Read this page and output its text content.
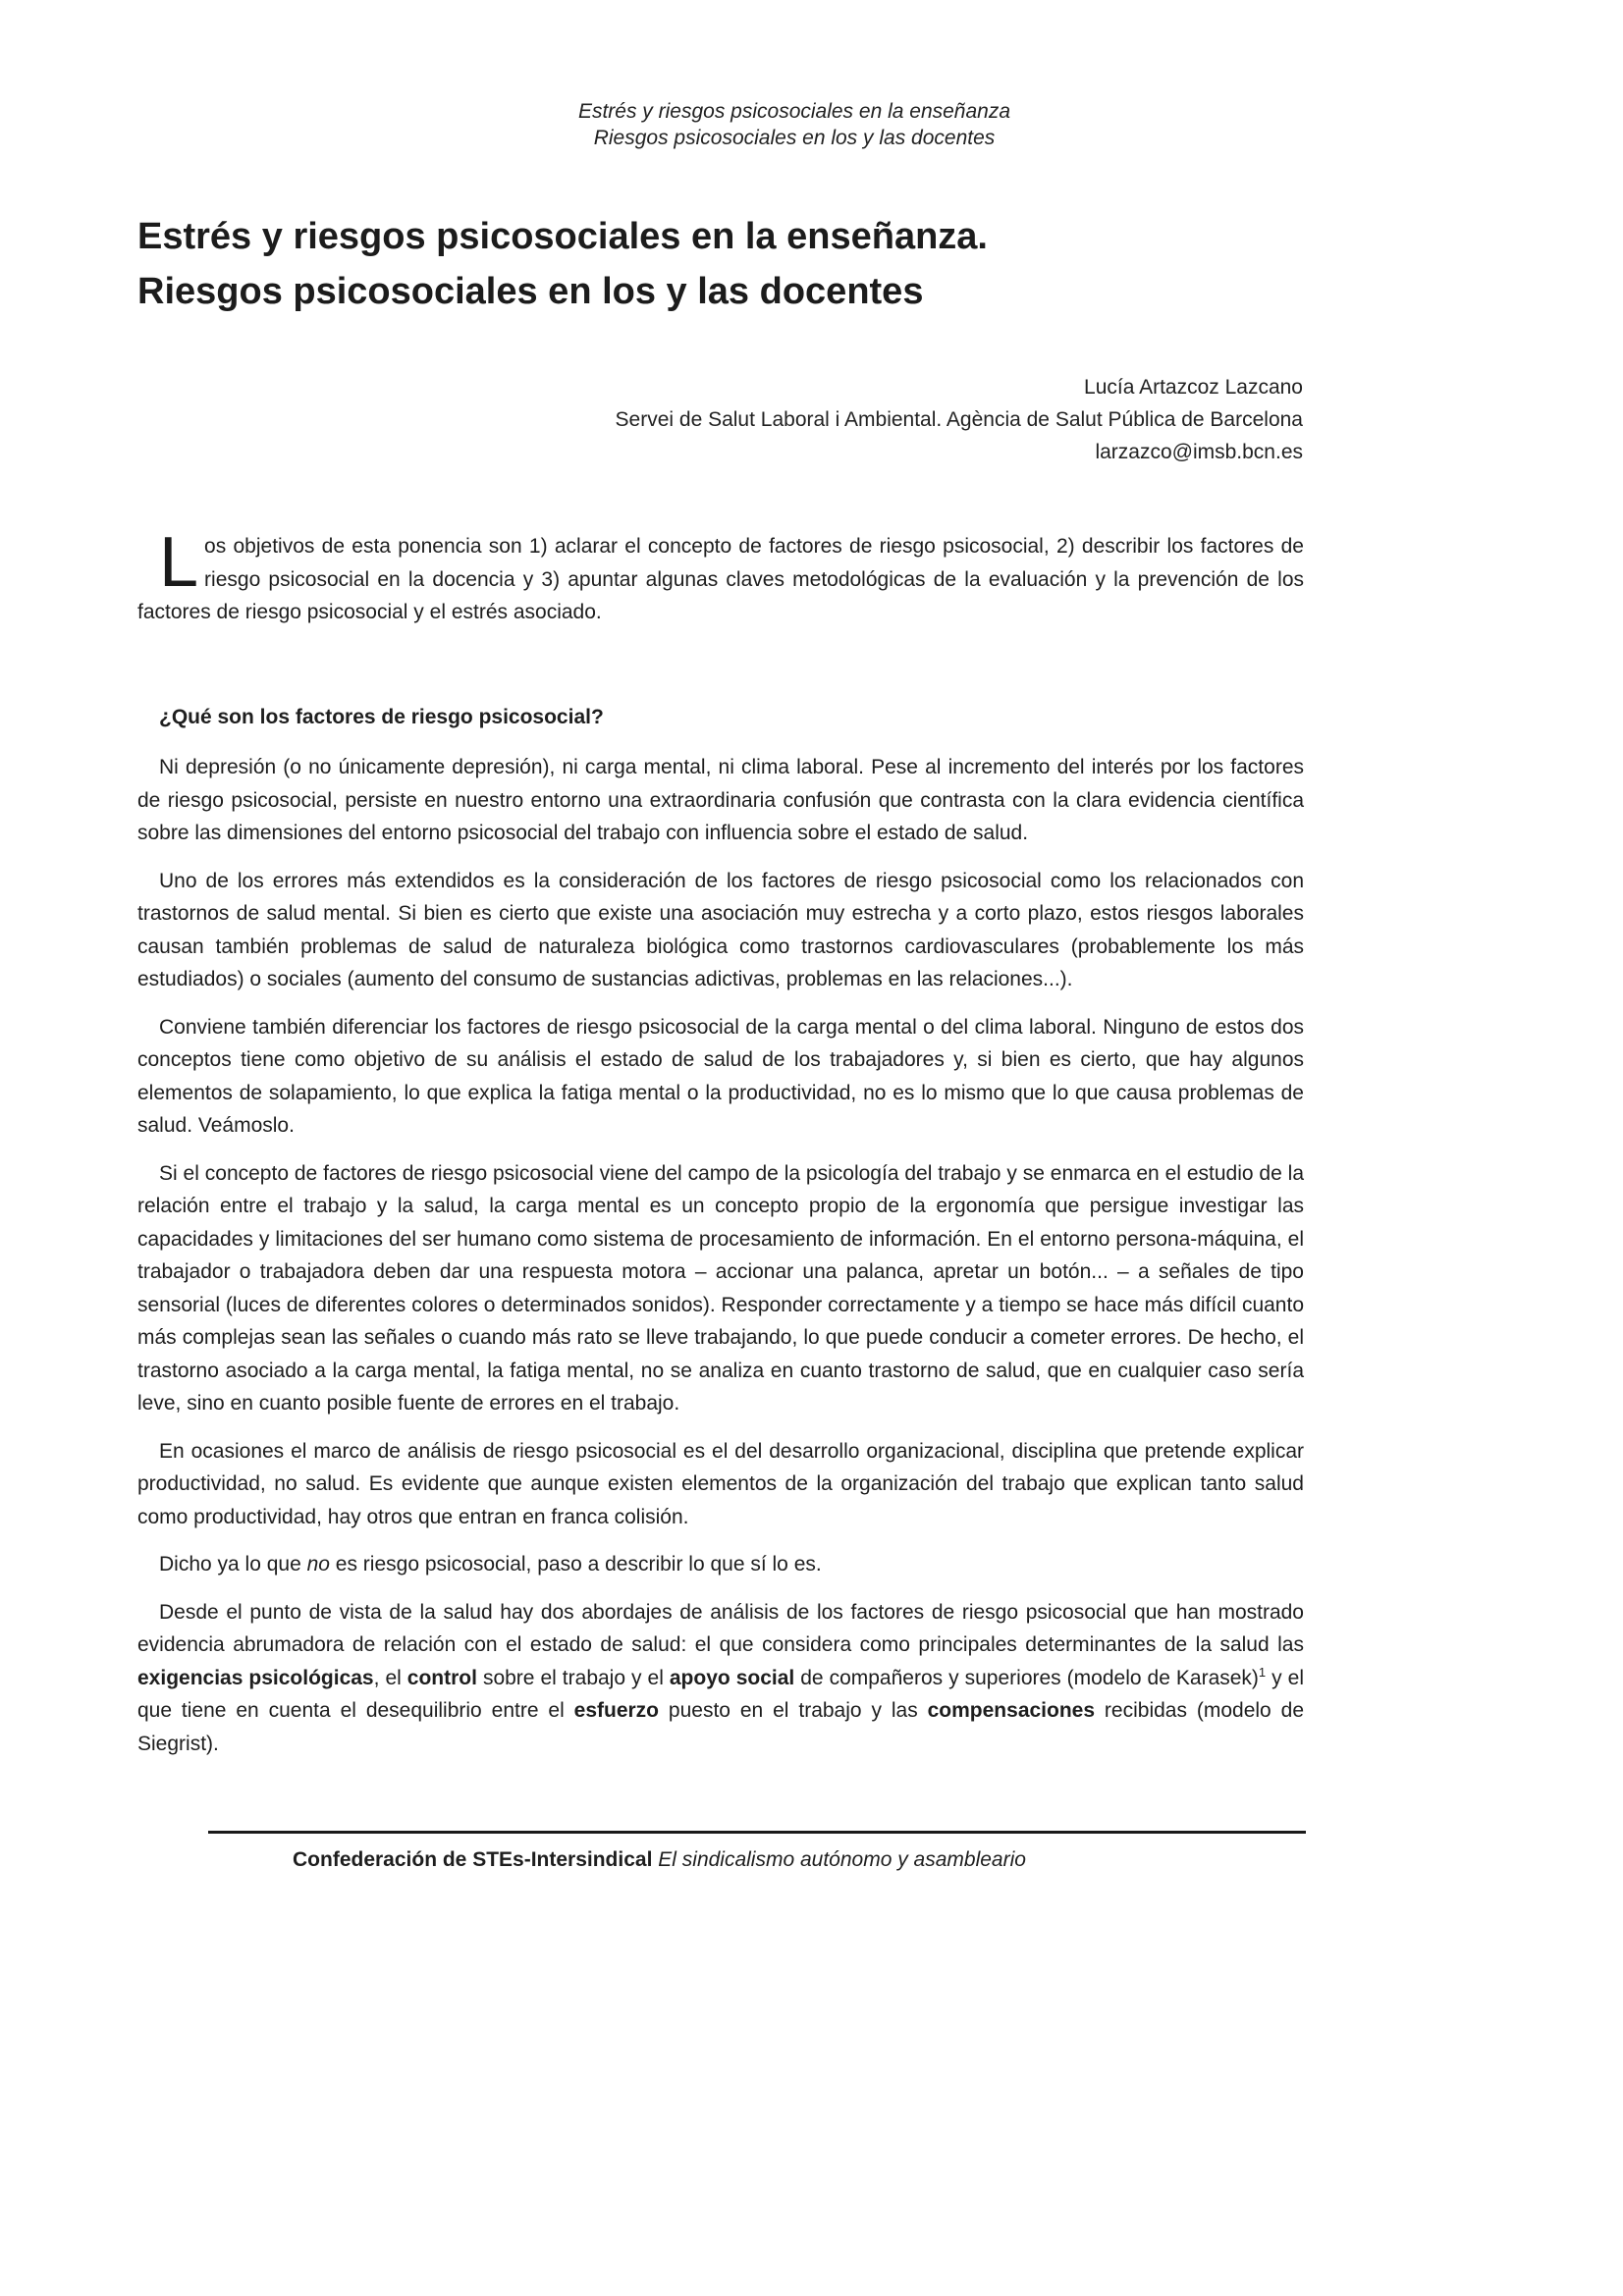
Estrés y riesgos psicosociales en la enseñanza
Riesgos psicosociales en los y las docentes
Estrés y riesgos psicosociales en la enseñanza.
Riesgos psicosociales en los y las docentes
Lucía Artazcoz Lazcano
Servei de Salut Laboral i Ambiental. Agència de Salut Pública de Barcelona
larzazco@imsb.bcn.es

Los objetivos de esta ponencia son 1) aclarar el concepto de factores de riesgo psicosocial, 2) describir los factores de riesgo psicosocial en la docencia y 3) apuntar algunas claves metodológicas de la evaluación y la prevención de los factores de riesgo psicosocial y el estrés asociado.

¿Qué son los factores de riesgo psicosocial?

Ni depresión (o no únicamente depresión), ni carga mental, ni clima laboral. Pese al incremento del interés por los factores de riesgo psicosocial, persiste en nuestro entorno una extraordinaria confusión que contrasta con la clara evidencia científica sobre las dimensiones del entorno psicosocial del trabajo con influencia sobre el estado de salud.

Uno de los errores más extendidos es la consideración de los factores de riesgo psicosocial como los relacionados con trastornos de salud mental. Si bien es cierto que existe una asociación muy estrecha y a corto plazo, estos riesgos laborales causan también problemas de salud de naturaleza biológica como trastornos cardiovasculares (probablemente los más estudiados) o sociales (aumento del consumo de sustancias adictivas, problemas en las relaciones...).

Conviene también diferenciar los factores de riesgo psicosocial de la carga mental o del clima laboral. Ninguno de estos dos conceptos tiene como objetivo de su análisis el estado de salud de los trabajadores y, si bien es cierto, que hay algunos elementos de solapamiento, lo que explica la fatiga mental o la productividad, no es lo mismo que lo que causa problemas de salud. Veámoslo.

Si el concepto de factores de riesgo psicosocial viene del campo de la psicología del trabajo y se enmarca en el estudio de la relación entre el trabajo y la salud, la carga mental es un concepto propio de la ergonomía que persigue investigar las capacidades y limitaciones del ser humano como sistema de procesamiento de información. En el entorno persona-máquina, el trabajador o trabajadora deben dar una respuesta motora – accionar una palanca, apretar un botón... – a señales de tipo sensorial (luces de diferentes colores o determinados sonidos). Responder correctamente y a tiempo se hace más difícil cuanto más complejas sean las señales o cuando más rato se lleve trabajando, lo que puede conducir a cometer errores. De hecho, el trastorno asociado a la carga mental, la fatiga mental, no se analiza en cuanto trastorno de salud, que en cualquier caso sería leve, sino en cuanto posible fuente de errores en el trabajo.

En ocasiones el marco de análisis de riesgo psicosocial es el del desarrollo organizacional, disciplina que pretende explicar productividad, no salud. Es evidente que aunque existen elementos de la organización del trabajo que explican tanto salud como productividad, hay otros que entran en franca colisión.

Dicho ya lo que no es riesgo psicosocial, paso a describir lo que sí lo es.

Desde el punto de vista de la salud hay dos abordajes de análisis de los factores de riesgo psicosocial que han mostrado evidencia abrumadora de relación con el estado de salud: el que considera como principales determinantes de la salud las exigencias psicológicas, el control sobre el trabajo y el apoyo social de compañeros y superiores (modelo de Karasek)$^1$ y el que tiene en cuenta el desequilibrio entre el esfuerzo puesto en el trabajo y las compensaciones recibidas (modelo de Siegrist).

Confederación de STEs-Intersindical El sindicalismo autónomo y asambleario
